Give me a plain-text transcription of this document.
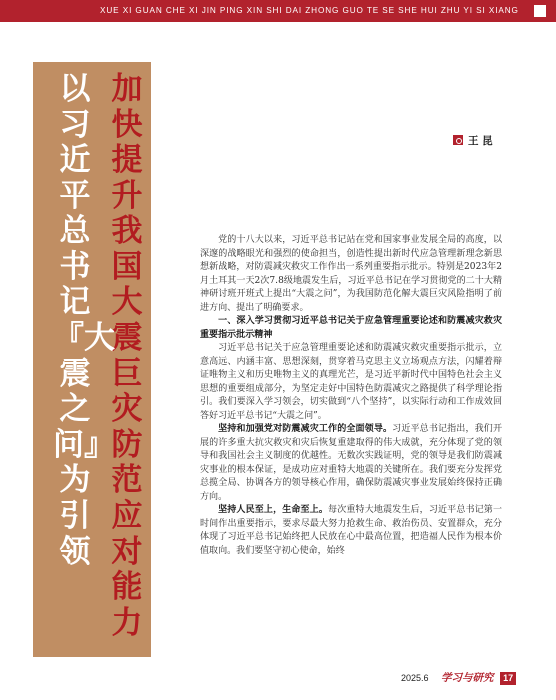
XUE XI GUAN CHE XI JIN PING XIN SHI DAI ZHONG GUO TE SE SHE HUI ZHU YI SI XIANG
加快提升我国大震巨灾防范应对能力
以习近平总书记『大震之问』为引领
王 昆

党的十八大以来，习近平总书记站在党和国家事业发展全局的高度，以深邃的战略眼光和强烈的使命担当，创造性提出新时代应急管理新理念新思想新战略，对防震减灾救灾工作作出一系列重要指示批示。特别是2023年2月土耳其一天2次7.8级地震发生后，习近平总书记在学习贯彻党的二十大精神研讨班开班式上提出“大震之问”，为我国防范化解大震巨灾风险指明了前进方向、提出了明确要求。

一、深入学习贯彻习近平总书记关于应急管理重要论述和防震减灾救灾重要指示批示精神

习近平总书记关于应急管理重要论述和防震减灾救灾重要指示批示，立意高远、内涵丰富、思想深刻，贯穿着马克思主义立场观点方法，闪耀着辩证唯物主义和历史唯物主义的真理光芒，是习近平新时代中国特色社会主义思想的重要组成部分，为坚定走好中国特色防震减灾之路提供了科学理论指引。我们要深入学习领会，切实做到“八个坚持”，以实际行动和工作成效回答好习近平总书记“大震之问”。

坚持和加强党对防震减灾工作的全面领导。习近平总书记指出，我们开展的许多重大抗灾救灾和灾后恢复重建取得的伟大成就，充分体现了党的领导和我国社会主义制度的优越性。无数次实践证明，党的领导是我们防震减灾事业的根本保证，是成功应对重特大地震的关键所在。我们要充分发挥党总揽全局、协调各方的领导核心作用，确保防震减灾事业发展始终保持正确方向。

坚持人民至上，生命至上。每次重特大地震发生后，习近平总书记第一时间作出重要指示，要求尽最大努力抢救生命、救治伤员、安置群众，充分体现了习近平总书记始终把人民放在心中最高位置，把造福人民作为根本价值取向。我们要坚守初心使命，始终

2025.6 学习与研究 17
